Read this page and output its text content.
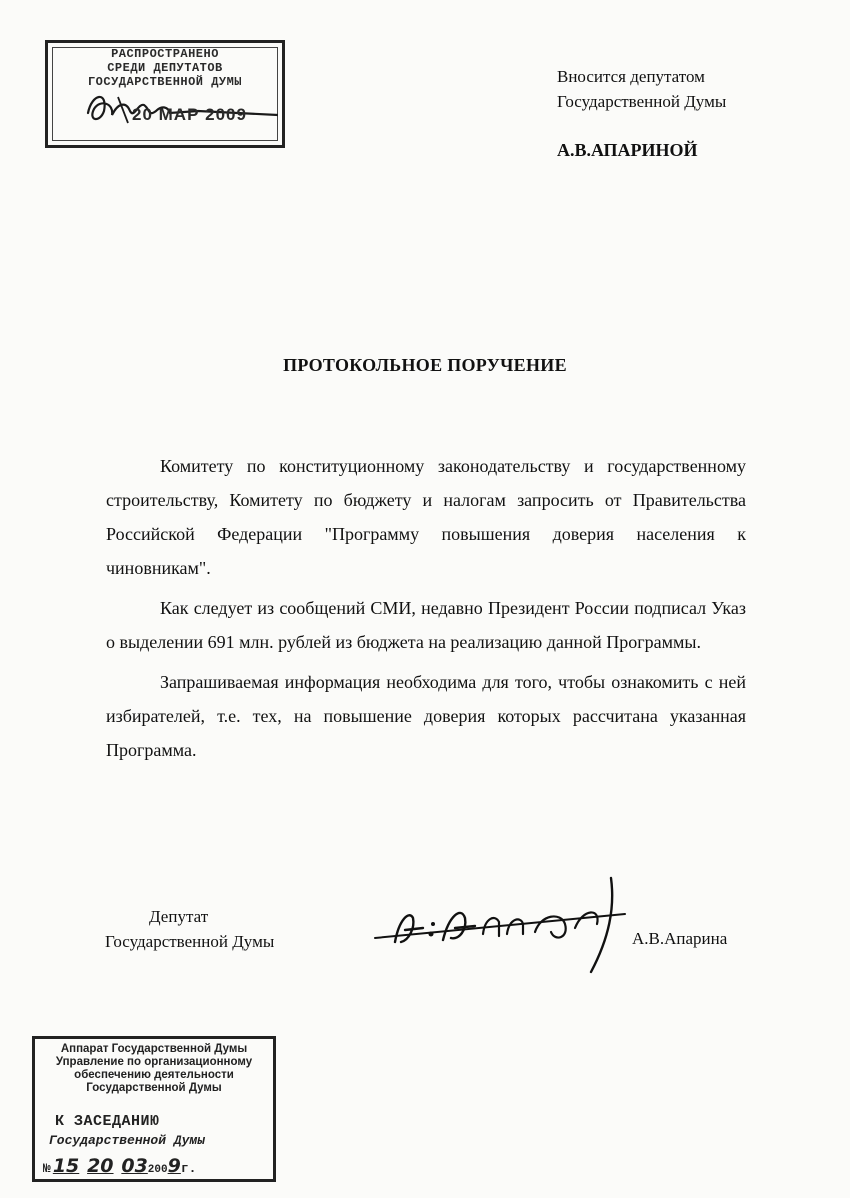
РАСПРОСТРАНЕНО
СРЕДИ ДЕПУТАТОВ
ГОСУДАРСТВЕННОЙ ДУМЫ
20 МАР 2009
Вносится депутатом
Государственной Думы
А.В.АПАРИНОЙ
ПРОТОКОЛЬНОЕ ПОРУЧЕНИЕ

Комитету по конституционному законодательству и государственному строительству, Комитету по бюджету и налогам запросить от Правительства Российской Федерации "Программу повышения доверия населения к чиновникам".

Как следует из сообщений СМИ, недавно Президент России подписал Указ о выделении 691 млн. рублей из бюджета на реализацию данной Программы.

Запрашиваемая информация необходима для того, чтобы ознакомить с ней избирателей, т.е. тех, на повышение доверия которых рассчитана указанная Программа.

Депутат
Государственной Думы	А.В.Апарина
Аппарат Государственной Думы
Управление по организационному
обеспечению деятельности
Государственной Думы
К ЗАСЕДАНИЮ
Государственной Думы
№ 15 20 032009г.
